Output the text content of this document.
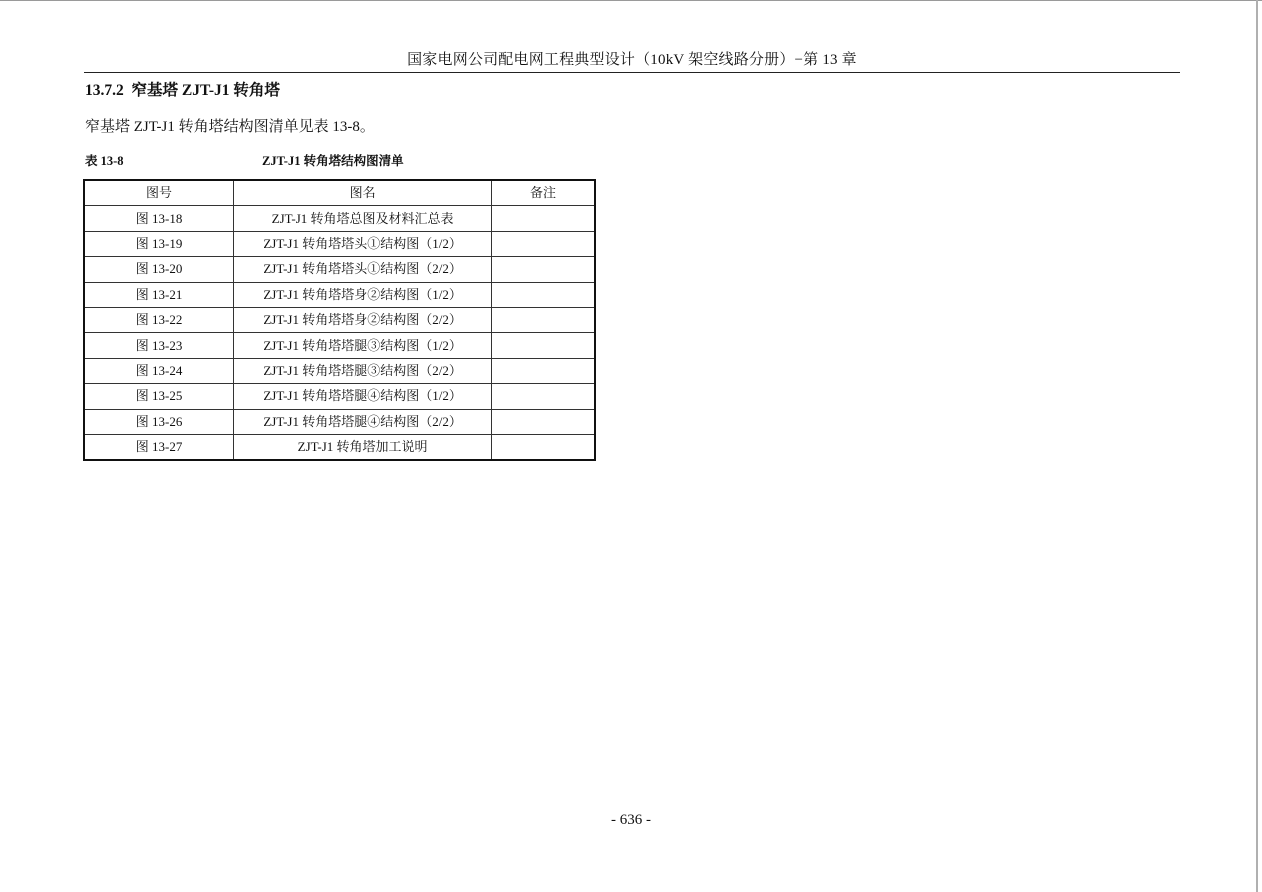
国家电网公司配电网工程典型设计（10kV 架空线路分册）−第 13 章
13.7.2 窄基塔 ZJT-J1 转角塔
窄基塔 ZJT-J1 转角塔结构图清单见表 13-8。
表 13-8	ZJT-J1 转角塔结构图清单
图号	图名	备注
图 13-18	ZJT-J1 转角塔总图及材料汇总表	
图 13-19	ZJT-J1 转角塔塔头①结构图（1/2）	
图 13-20	ZJT-J1 转角塔塔头①结构图（2/2）	
图 13-21	ZJT-J1 转角塔塔身②结构图（1/2）	
图 13-22	ZJT-J1 转角塔塔身②结构图（2/2）	
图 13-23	ZJT-J1 转角塔塔腿③结构图（1/2）	
图 13-24	ZJT-J1 转角塔塔腿③结构图（2/2）	
图 13-25	ZJT-J1 转角塔塔腿④结构图（1/2）	
图 13-26	ZJT-J1 转角塔塔腿④结构图（2/2）	
图 13-27	ZJT-J1 转角塔加工说明	
- 636 -
